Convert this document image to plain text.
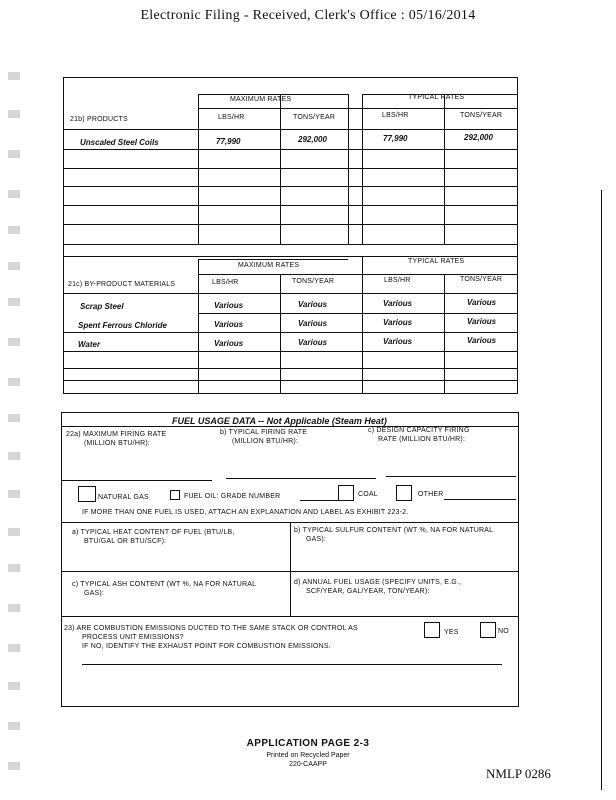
Electronic Filing - Received, Clerk's Office : 05/16/2014
MAXIMUM RATES	TYPICAL RATES
21b) PRODUCTS	LBS/HR	TONS/YEAR	LBS/HR	TONS/YEAR
Unscaled Steel Coils	77,990	292,000	77,990	292,000
MAXIMUM RATES
TYPICAL RATES
21c) BY-PRODUCT MATERIALS	LBS/HR	TONS/YEAR	LBS/HR	TONS/YEAR
Scrap Steel	Various	Various	Various	Various
Spent Ferrous Chloride	Various	Various	Various	Various
Water	Various	Various	Various	Various
FUEL USAGE DATA -- Not Applicable (Steam Heat)
22a) MAXIMUM FIRING RATE
(MILLION BTU/HR):
b) TYPICAL FIRING RATE
(MILLION BTU/HR):
c) DESIGN CAPACITY FIRING
RATE (MILLION BTU/HR):
NATURAL GAS	FUEL OIL: GRADE NUMBER	COAL	OTHER
IF MORE THAN ONE FUEL IS USED, ATTACH AN EXPLANATION AND LABEL AS EXHIBIT 223-2.
a) TYPICAL HEAT CONTENT OF FUEL (BTU/LB,
BTU/GAL OR BTU/SCF):
b) TYPICAL SULFUR CONTENT (WT %, NA FOR NATURAL
GAS):
c) TYPICAL ASH CONTENT (WT %, NA FOR NATURAL
GAS):
d) ANNUAL FUEL USAGE (SPECIFY UNITS, E.G.,
SCF/YEAR, GAL/YEAR, TON/YEAR):
23) ARE COMBUSTION EMISSIONS DUCTED TO THE SAME STACK OR CONTROL AS
PROCESS UNIT EMISSIONS?
IF NO, IDENTIFY THE EXHAUST POINT FOR COMBUSTION EMISSIONS.
YES	NO
APPLICATION PAGE 2-3
Printed on Recycled Paper
220-CAAPP
NMLP 0286
